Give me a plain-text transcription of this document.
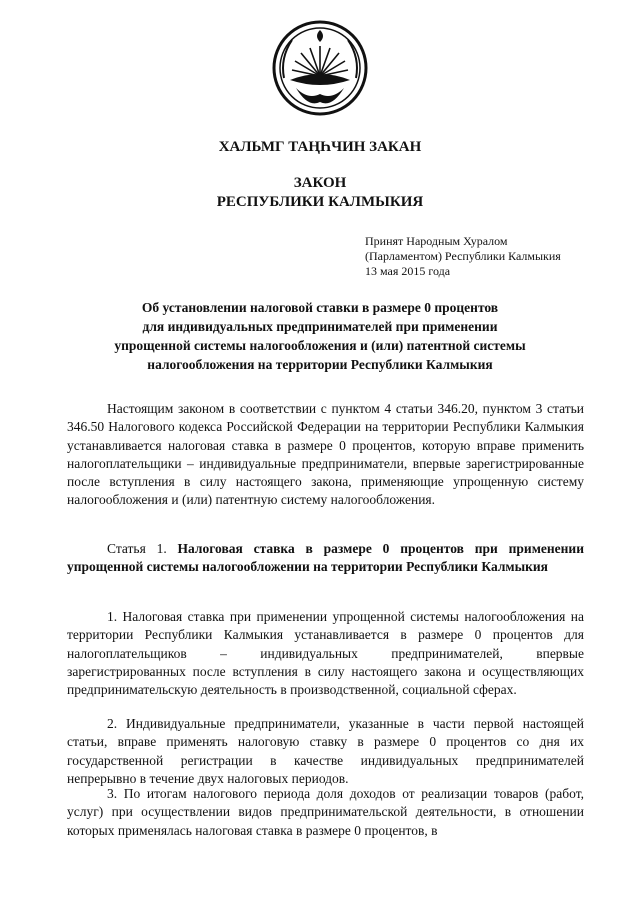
ХАЛЬМГ ТАҢҺЧИН ЗАКАН
ЗАКОН
РЕСПУБЛИКИ КАЛМЫКИЯ
Принят Народным Хуралом
(Парламентом) Республики Калмыкия
13 мая 2015 года
Об установлении налоговой ставки в размере 0 процентов
для индивидуальных предпринимателей при применении
упрощенной системы налогообложения и (или) патентной системы
налогообложения на территории Республики Калмыкия

Настоящим законом в соответствии с пунктом 4 статьи 346.20, пунктом 3 статьи 346.50 Налогового кодекса Российской Федерации на территории Республики Калмыкия устанавливается налоговая ставка в размере 0 процентов, которую вправе применить налогоплательщики – индивидуальные предприниматели, впервые зарегистрированные после вступления в силу настоящего закона, применяющие упрощенную систему налогообложения и (или) патентную систему налогообложения.

Статья 1. Налоговая ставка в размере 0 процентов при применении упрощенной системы налогообложении на территории Республики Калмыкия

1. Налоговая ставка при применении упрощенной системы налогообложения на территории Республики Калмыкия устанавливается в размере 0 процентов для налогоплательщиков – индивидуальных предпринимателей, впервые зарегистрированных после вступления в силу настоящего закона и осуществляющих предпринимательскую деятельность в производственной, социальной сферах.

2. Индивидуальные предприниматели, указанные в части первой настоящей статьи, вправе применять налоговую ставку в размере 0 процентов со дня их государственной регистрации в качестве индивидуальных предпринимателей непрерывно в течение двух налоговых периодов.

3. По итогам налогового периода доля доходов от реализации товаров (работ, услуг) при осуществлении видов предпринимательской деятельности, в отношении которых применялась налоговая ставка в размере 0 процентов, в
